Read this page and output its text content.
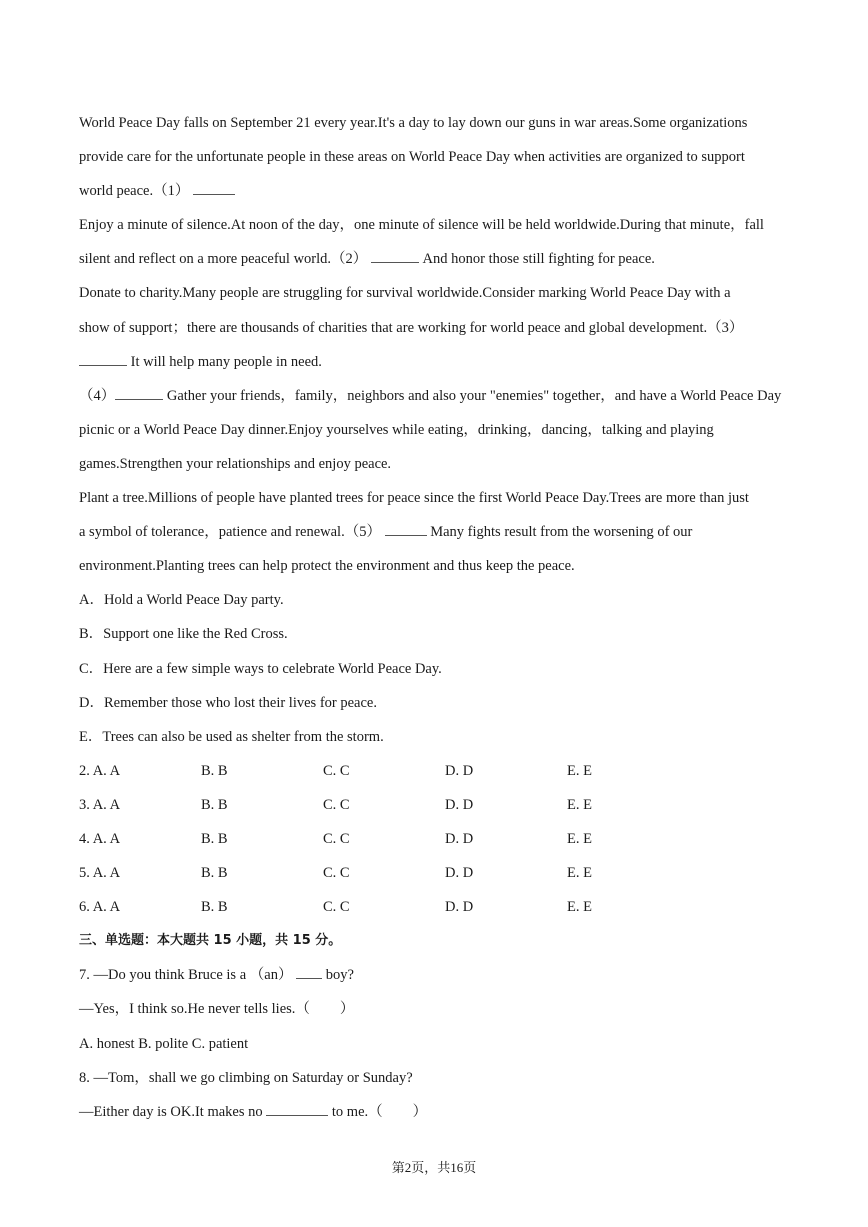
World Peace Day falls on September 21 every year.It's a day to lay down our guns in war areas.Some organizations
provide care for the unfortunate people in these areas on World Peace Day when activities are organized to support
world peace.（1）
Enjoy a minute of silence.At noon of the day，one minute of silence will be held worldwide.During that minute，fall
silent and reflect on a more peaceful world.（2）	And honor those still fighting for peace.
Donate to charity.Many people are struggling for survival worldwide.Consider marking World Peace Day with a
show of support；there are thousands of charities that are working for world peace and global development.（3）
It will help many people in need.
（4）	Gather your friends，family，neighbors and also your "enemies" together，and have a World Peace Day
picnic or a World Peace Day dinner.Enjoy yourselves while eating，drinking，dancing，talking and playing
games.Strengthen your relationships and enjoy peace.
Plant a tree.Millions of people have planted trees for peace since the first World Peace Day.Trees are more than just
a symbol of tolerance，patience and renewal.（5）	Many fights result from the worsening of our
environment.Planting trees can help protect the environment and thus keep the peace.
A．Hold a World Peace Day party.
B．Support one like the Red Cross.
C．Here are a few simple ways to celebrate World Peace Day.
D．Remember those who lost their lives for peace.
E．Trees can also be used as shelter from the storm.
2. A. A	B. B	C. C	D. D	E. E
3. A. A	B. B	C. C	D. D	E. E
4. A. A	B. B	C. C	D. D	E. E
5. A. A	B. B	C. C	D. D	E. E
6. A. A	B. B	C. C	D. D	E. E
三、单选题：本大题共 15 小题，共 15 分。
7. —Do you think Bruce is a （an）  boy?
—Yes，I think so.He never tells lies.（ ）
A. honest B. polite C. patient
8. —Tom，shall we go climbing on Saturday or Sunday?
—Either day is OK.It makes no	to me.（ ）
第2页，共16页
